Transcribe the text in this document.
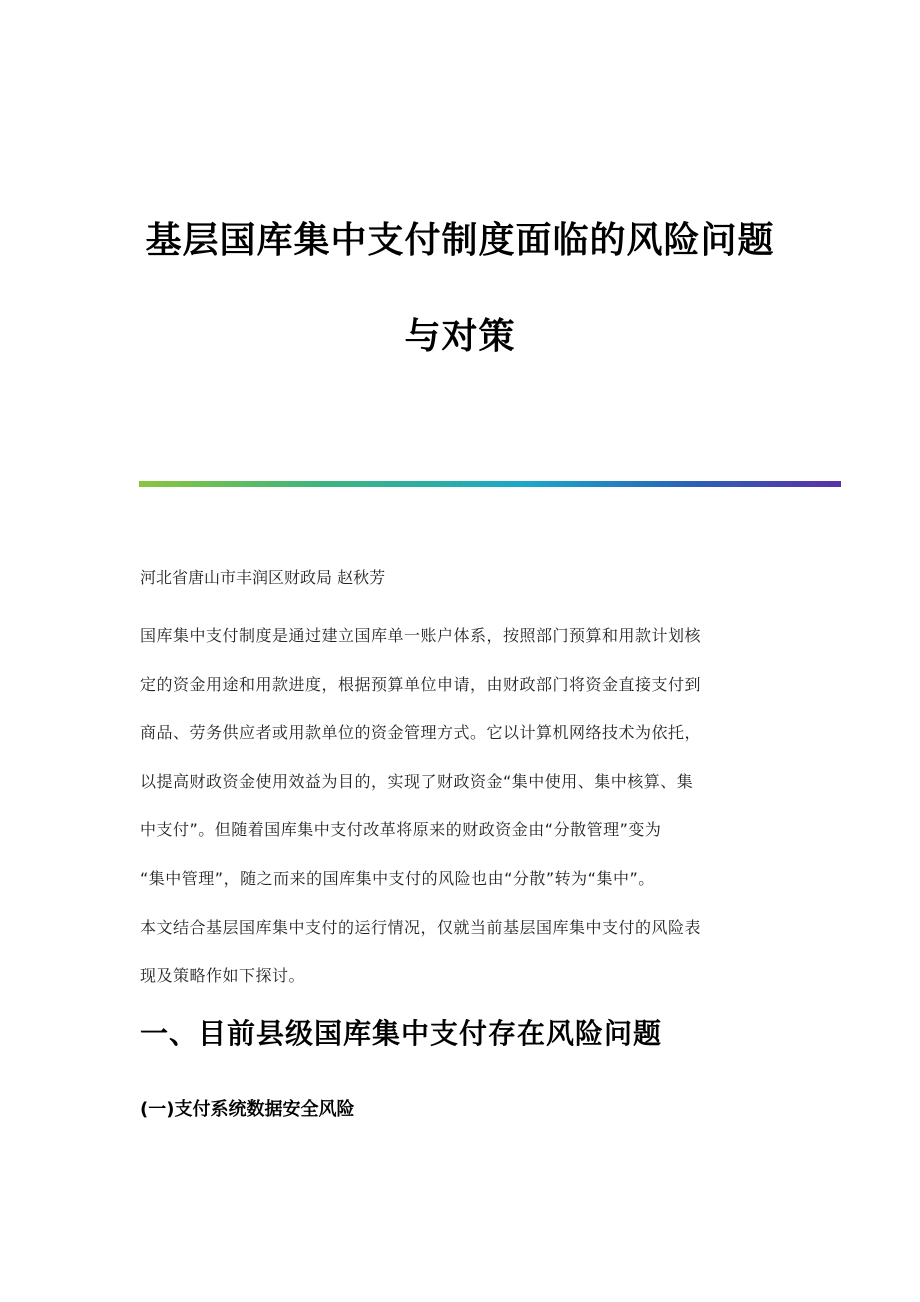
基层国库集中支付制度面临的风险问题
与对策
河北省唐山市丰润区财政局 赵秋芳
国库集中支付制度是通过建立国库单一账户体系，按照部门预算和用款计划核
定的资金用途和用款进度，根据预算单位申请，由财政部门将资金直接支付到
商品、劳务供应者或用款单位的资金管理方式。它以计算机网络技术为依托，
以提高财政资金使用效益为目的，实现了财政资金“集中使用、集中核算、集
中支付”。但随着国库集中支付改革将原来的财政资金由“分散管理”变为
“集中管理”，随之而来的国库集中支付的风险也由“分散”转为“集中”。
本文结合基层国库集中支付的运行情况，仅就当前基层国库集中支付的风险表
现及策略作如下探讨。
一、目前县级国库集中支付存在风险问题
(一)支付系统数据安全风险
